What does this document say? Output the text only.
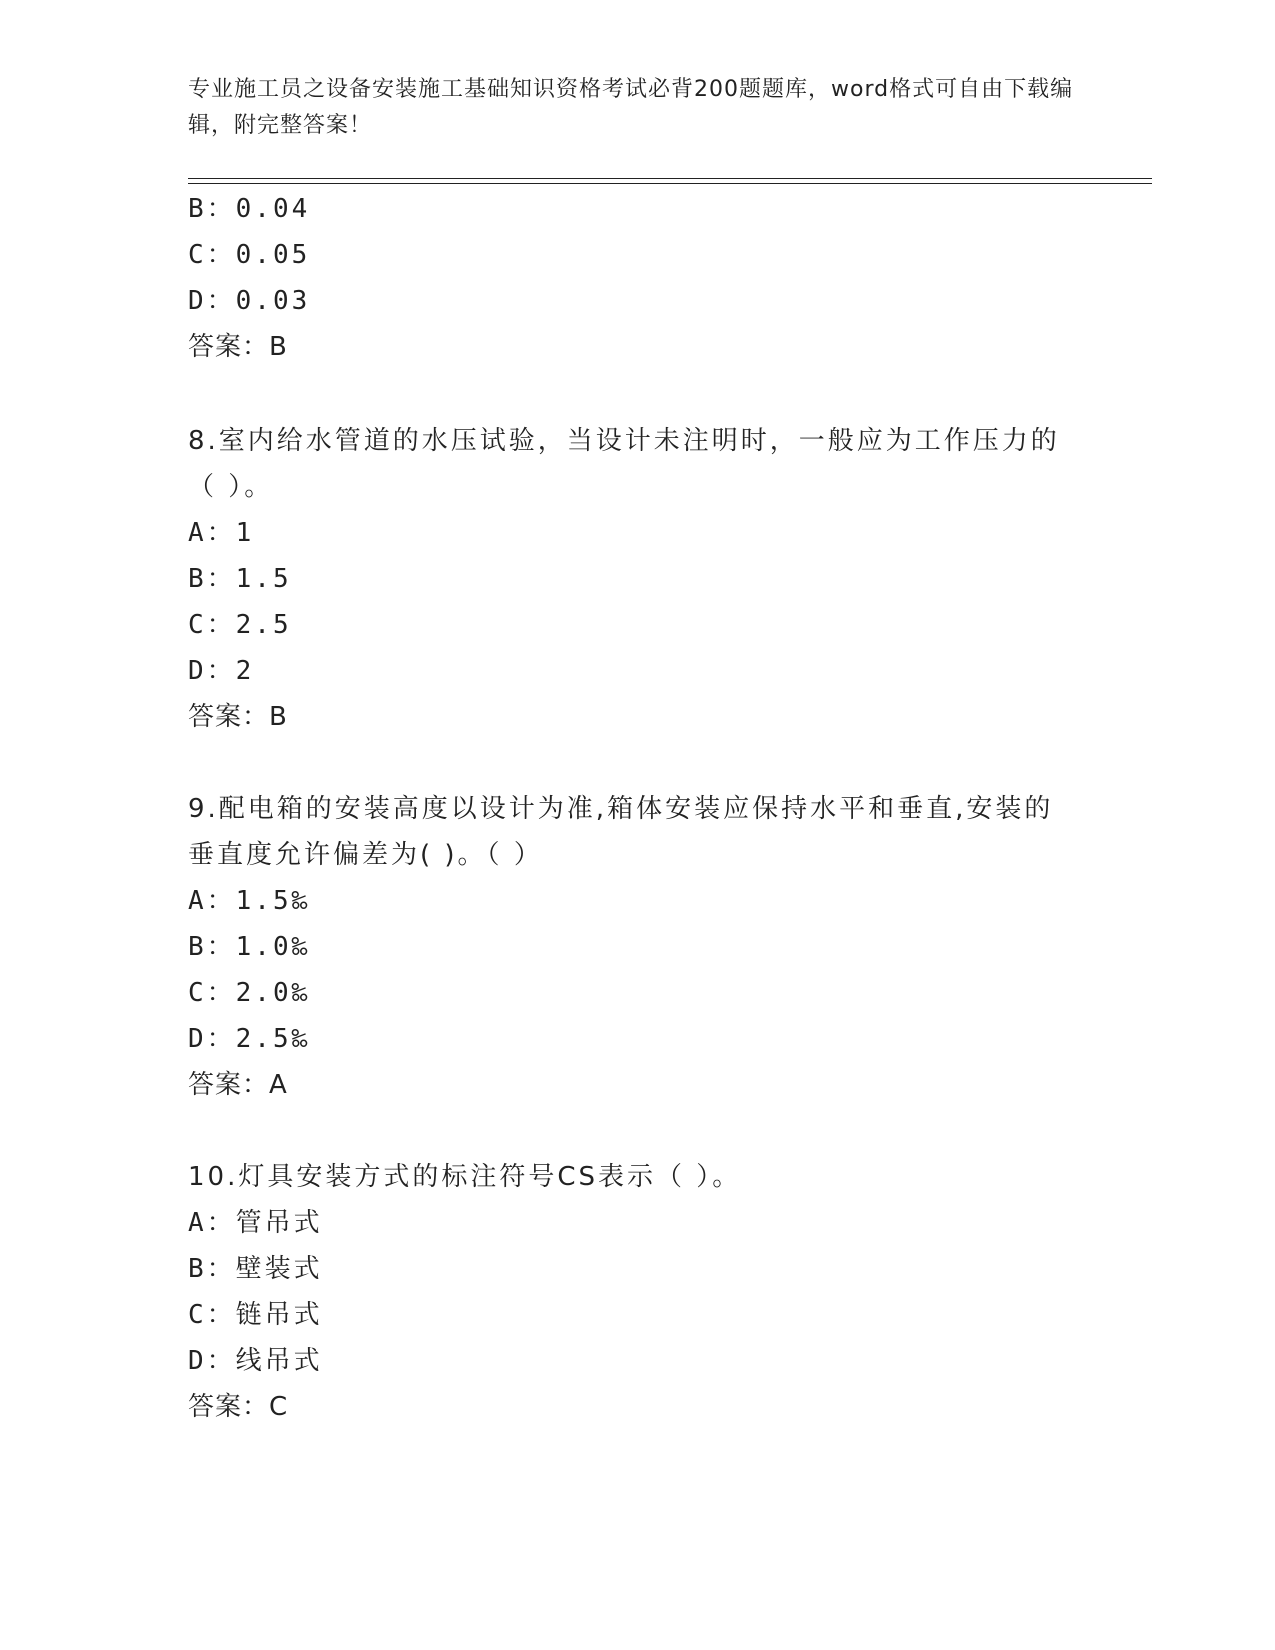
专业施工员之设备安装施工基础知识资格考试必背200题题库，word格式可自由下载编辑，附完整答案！
B：0.04
C：0.05
D：0.03
答案：B
8.室内给水管道的水压试验，当设计未注明时，一般应为工作压力的
（ ）。
A：1
B：1.5
C：2.5
D：2
答案：B
9.配电箱的安装高度以设计为准,箱体安装应保持水平和垂直,安装的
垂直度允许偏差为( )。（ ）
A：1.5‰
B：1.0‰
C：2.0‰
D：2.5‰
答案：A
10.灯具安装方式的标注符号CS表示（ ）。
A：管吊式
B：壁装式
C：链吊式
D：线吊式
答案：C
